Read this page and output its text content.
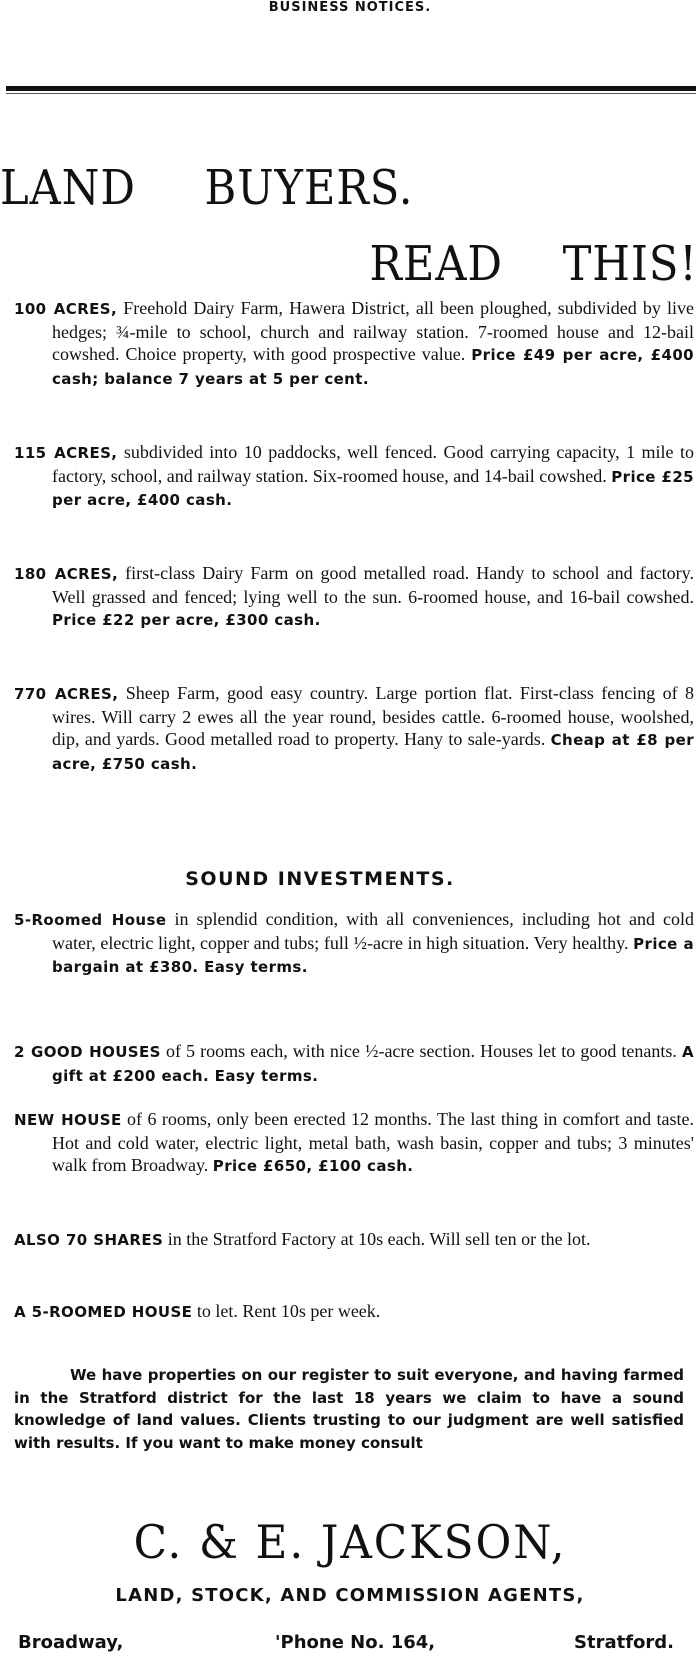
BUSINESS NOTICES.
LAND BUYERS.
READ THIS!
100 ACRES, Freehold Dairy Farm, Hawera District, all been ploughed, subdivided by live hedges; ¾-mile to school, church and railway station. 7-roomed house and 12-bail cowshed. Choice property, with good prospective value. Price £49 per acre, £400 cash; balance 7 years at 5 per cent.
115 ACRES, subdivided into 10 paddocks, well fenced. Good carrying capacity, 1 mile to factory, school, and railway station. Six-roomed house, and 14-bail cowshed. Price £25 per acre, £400 cash.
180 ACRES, first-class Dairy Farm on good metalled road. Handy to school and factory. Well grassed and fenced; lying well to the sun. 6-roomed house, and 16-bail cowshed. Price £22 per acre, £300 cash.
770 ACRES, Sheep Farm, good easy country. Large portion flat. First-class fencing of 8 wires. Will carry 2 ewes all the year round, besides cattle. 6-roomed house, woolshed, dip, and yards. Good metalled road to property. Hany to sale-yards. Cheap at £8 per acre, £750 cash.
SOUND INVESTMENTS.
5-Roomed House in splendid condition, with all conveniences, including hot and cold water, electric light, copper and tubs; full ½-acre in high situation. Very healthy. Price a bargain at £380. Easy terms.
2 GOOD HOUSES of 5 rooms each, with nice ½-acre section. Houses let to good tenants. A gift at £200 each. Easy terms.
NEW HOUSE of 6 rooms, only been erected 12 months. The last thing in comfort and taste. Hot and cold water, electric light, metal bath, wash basin, copper and tubs; 3 minutes' walk from Broadway. Price £650, £100 cash.
ALSO 70 SHARES in the Stratford Factory at 10s each. Will sell ten or the lot.
A 5-ROOMED HOUSE to let. Rent 10s per week.
We have properties on our register to suit everyone, and having farmed in the Stratford district for the last 18 years we claim to have a sound knowledge of land values. Clients trusting to our judgment are well satisfied with results. If you want to make money consult
C. & E. JACKSON,
LAND, STOCK, AND COMMISSION AGENTS,
Broadway,	'Phone No. 164,	Stratford.
